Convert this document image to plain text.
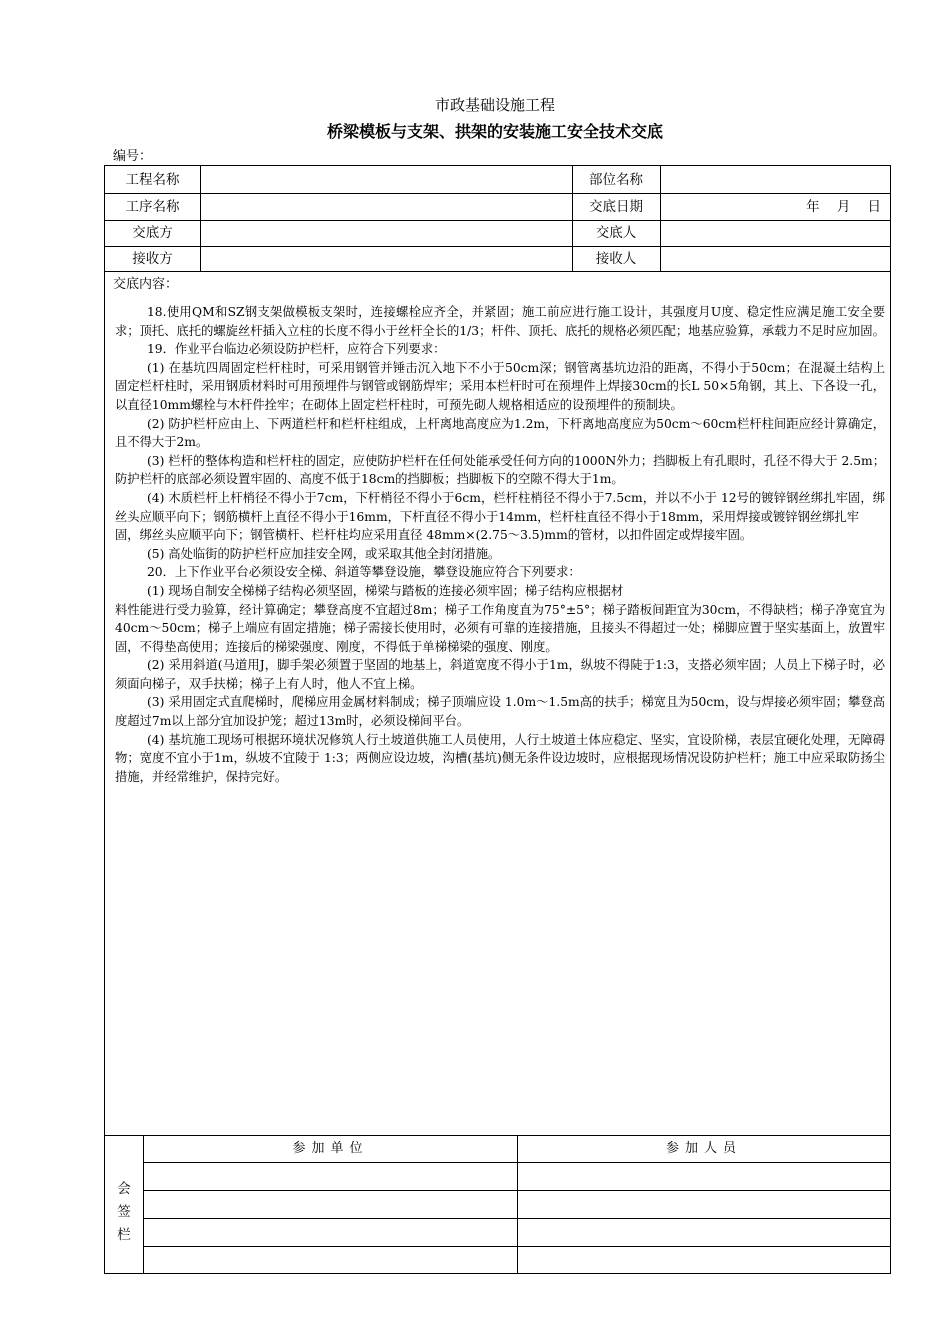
市政基础设施工程
桥梁模板与支架、拱架的安装施工安全技术交底
编号：
工程名称	部位名称
工序名称	交底日期	年    月    日
交底方	交底人
接收方	接收人
交底内容：

18.使用QM和SZ钢支架做模板支架时，连接螺栓应齐全，并紧固；施工前应进行施工设计，其强度月U度、稳定性应满足施工安全要求；顶托、底托的螺旋丝杆插入立柱的长度不得小于丝杆全长的1/3；杆件、顶托、底托的规格必须匹配；地基应验算，承载力不足时应加固。

19．作业平台临边必须设防护栏杆，应符合下列要求：

(1) 在基坑四周固定栏杆柱时，可采用钢管并锤击沉入地下不小于50cm深；钢管离基坑边沿的距离，不得小于50cm；在混凝土结构上固定栏杆柱时，采用钢质材料时可用预埋件与钢管或钢筋焊牢；采用本栏杆时可在预埋件上焊接30cm的长L 50×5角钢，其上、下各设一孔，以直径10mm螺栓与木杆件拴牢；在砌体上固定栏杆柱时，可预先砌人规格相适应的设预埋件的预制块。

(2) 防护栏杆应由上、下两道栏杆和栏杆柱组成，上杆离地高度应为1.2m，下杆离地高度应为50cm～60cm栏杆柱间距应经计算确定，且不得大于2m。

(3) 栏杆的整体构造和栏杆柱的固定，应使防护栏杆在任何处能承受任何方向的1000N外力；挡脚板上有孔眼时，孔径不得大于 2.5m；防护栏杆的底部必须设置牢固的、高度不低于18cm的挡脚板；挡脚板下的空隙不得大于1m。

(4) 木质栏杆上杆梢径不得小于7cm，下杆梢径不得小于6cm，栏杆柱梢径不得小于7.5cm，并以不小于 12号的镀锌钢丝绑扎牢固，绑丝头应顺平向下；钢筋横杆上直径不得小于16mm，下杆直径不得小于14mm，栏杆柱直径不得小于18mm，采用焊接或镀锌钢丝绑扎牢

固，绑丝头应顺平向下；钢管横杆、栏杆柱均应采用直径 48mm×(2.75～3.5)mm的管材，以扣件固定或焊接牢固。

(5) 高处临街的防护栏杆应加挂安全网，或采取其他全封闭措施。

20．上下作业平台必须设安全梯、斜道等攀登设施，攀登设施应符合下列要求：

(1) 现场自制安全梯梯子结构必须坚固，梯梁与踏板的连接必须牢固；梯子结构应根据材

料性能进行受力验算，经计算确定；攀登高度不宜超过8m；梯子工作角度直为75°±5°；梯子踏板间距宜为30cm，不得缺档；梯子净宽宜为40cm～50cm；梯子上端应有固定措施；梯子需接长使用时，必须有可靠的连接措施，且接头不得超过一处；梯脚应置于坚实基面上，放置牢固，不得垫高使用；连接后的梯梁强度、刚度，不得低于单梯梯梁的强度、刚度。

(2) 采用斜道(马道用J，脚手架必须置于坚固的地基上，斜道宽度不得小于1m，纵坡不得陡于1:3，支搭必须牢固；人员上下梯子时，必须面向梯子，双手扶梯；梯子上有人时，他人不宜上梯。

(3) 采用固定式直爬梯时，爬梯应用金属材料制成；梯子顶端应设 1.0m～1.5m高的扶手；梯宽且为50cm，设与焊接必须牢固；攀登高度超过7m以上部分宜加设护笼；超过13m时，必须设梯间平台。

(4) 基坑施工现场可根据环境状况修筑人行土坡道供施工人员使用，人行土坡道土体应稳定、坚实，宜设阶梯，表层宜硬化处理，无障碍物；宽度不宜小于1m，纵坡不宜陵于 1:3；两侧应设边坡，沟槽(基坑)侧无条件设边坡时，应根据现场情况设防护栏杆；施工中应采取防扬尘措施，并经常维护，保持完好。

会
签
栏
参加单位	参加人员
